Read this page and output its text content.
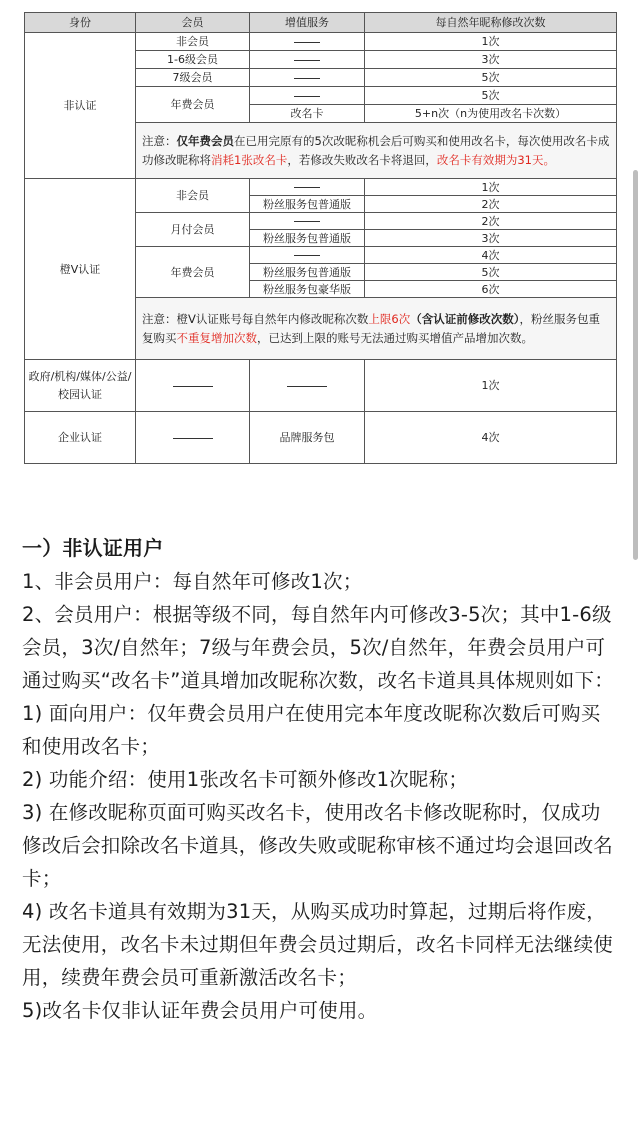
身份	会员	增值服务	每自然年昵称修改次数
非认证	非会员		1次
	1-6级会员		3次
	7级会员		5次
	年费会员		5次
		改名卡	5+n次（n为使用改名卡次数）
	注意：仅年费会员在已用完原有的5次改昵称机会后可购买和使用改名卡，每次使用改名卡成功修改昵称将消耗1张改名卡，若修改失败改名卡将退回，改名卡有效期为31天。		
橙V认证	非会员		1次
		粉丝服务包普通版	2次
	月付会员		2次
		粉丝服务包普通版	3次
	年费会员		4次
		粉丝服务包普通版	5次
		粉丝服务包豪华版	6次
	注意：橙V认证账号每自然年内修改昵称次数上限6次（含认证前修改次数），粉丝服务包重复购买不重复增加次数，已达到上限的账号无法通过购买增值产品增加次数。		
政府/机构/媒体/公益/校园认证			1次
企业认证		品牌服务包	4次

一）非认证用户

1、非会员用户：每自然年可修改1次；

2、会员用户：根据等级不同，每自然年内可修改3-5次；其中1-6级会员，3次/自然年；7级与年费会员，5次/自然年，年费会员用户可通过购买“改名卡”道具增加改昵称次数，改名卡道具具体规则如下：

1) 面向用户：仅年费会员用户在使用完本年度改昵称次数后可购买和使用改名卡；

2) 功能介绍：使用1张改名卡可额外修改1次昵称；

3) 在修改昵称页面可购买改名卡，使用改名卡修改昵称时，仅成功修改后会扣除改名卡道具，修改失败或昵称审核不通过均会退回改名卡；

4) 改名卡道具有效期为31天，从购买成功时算起，过期后将作废，无法使用，改名卡未过期但年费会员过期后，改名卡同样无法继续使用，续费年费会员可重新激活改名卡；

5)改名卡仅非认证年费会员用户可使用。
